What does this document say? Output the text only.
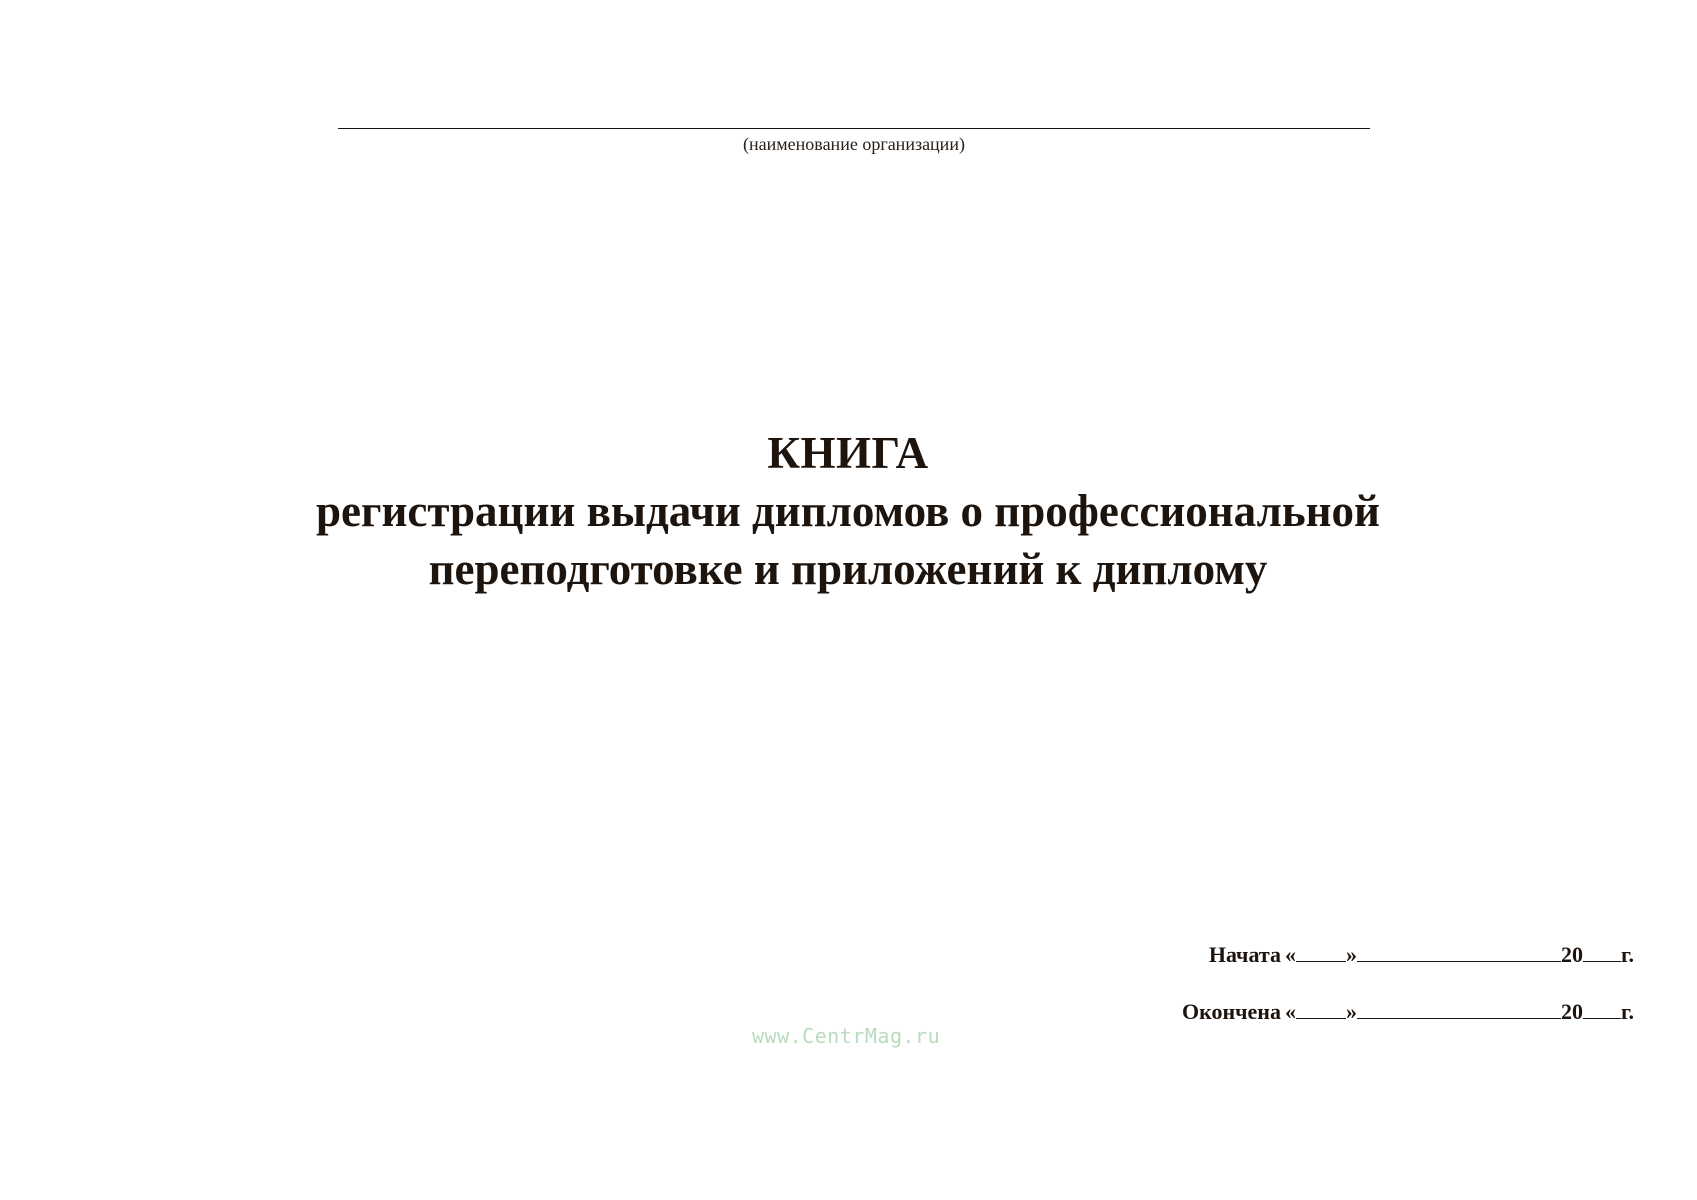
(наименование организации)
КНИГА
регистрации выдачи дипломов о профессиональной
переподготовке и приложений к диплому
Начата « »	20 г.
Окончена « »	20 г.
www.CentrMag.ru
